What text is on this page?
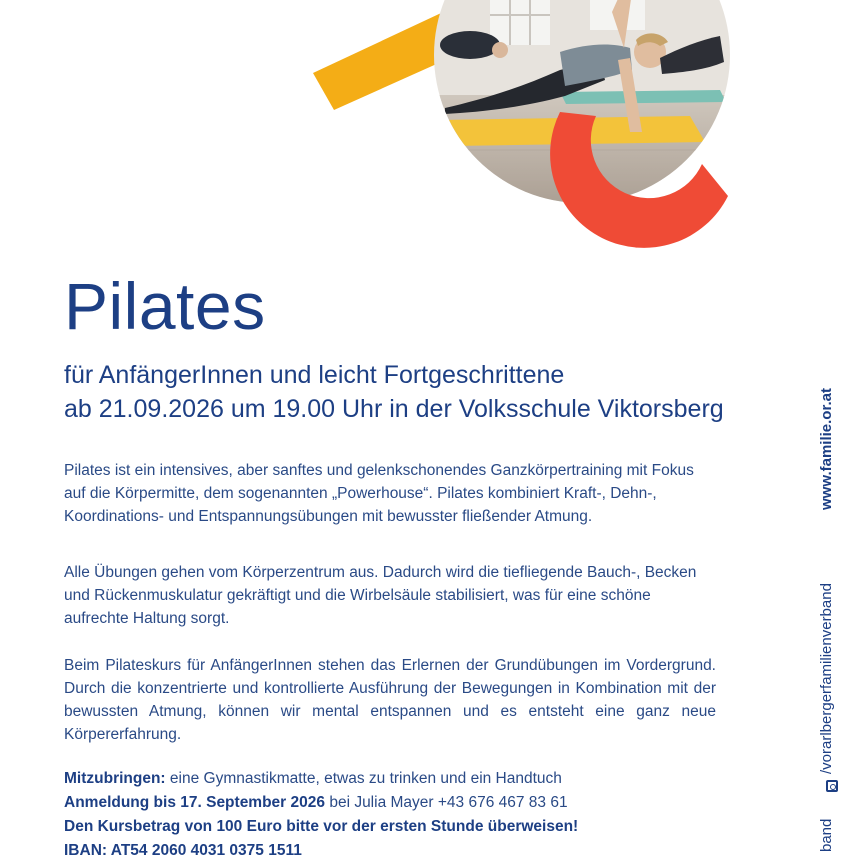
Pilates
für AnfängerInnen und leicht Fortgeschrittene
ab 21.09.2026 um 19.00 Uhr in der Volksschule Viktorsberg
Pilates ist ein intensives, aber sanftes und gelenkschonendes Ganzkörpertraining mit Fokus auf die Körpermitte, dem sogenannten „Powerhouse“. Pilates kombiniert Kraft-, Dehn-, Koordinations- und Entspannungsübungen mit bewusster fließender Atmung.
Alle Übungen gehen vom Körperzentrum aus. Dadurch wird die tiefliegende Bauch-, Becken und Rückenmuskulatur gekräftigt und die Wirbelsäule stabilisiert, was für eine schöne aufrechte Haltung sorgt.
Beim Pilateskurs für AnfängerInnen stehen das Erlernen der Grundübungen im Vordergrund. Durch die konzentrierte und kontrollierte Ausführung der Bewegungen in Kombination mit der bewussten Atmung, können wir mental entspannen und es entsteht eine ganz neue Körpererfahrung.
Mitzubringen: eine Gymnastikmatte, etwas zu trinken und ein Handtuch
Anmeldung bis 17. September 2026 bei Julia Mayer +43 676 467 83 61
Den Kursbetrag von 100 Euro bitte vor der ersten Stunde überweisen!
IBAN: AT54 2060 4031 0375 1511
www.familie.or.at
/vorarlbergerfamilienverband
band
